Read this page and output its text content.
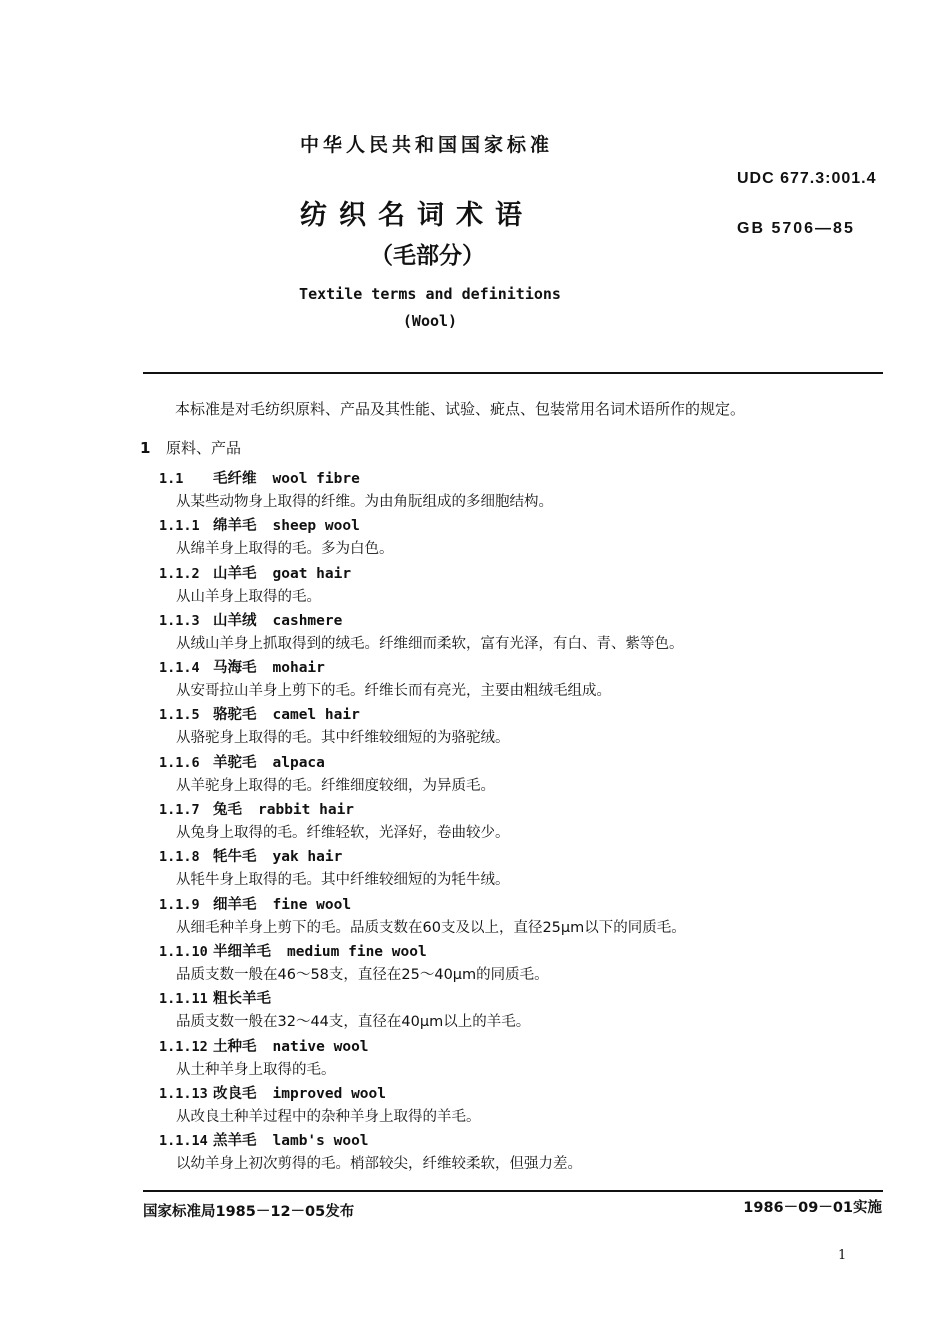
中华人民共和国国家标准
UDC 677.3:001.4
纺织名词术语	GB 5706—85
（毛部分）
Textile terms and definitions
(Wool)
本标准是对毛纺织原料、产品及其性能、试验、疵点、包装常用名词术语所作的规定。
1 原料、产品
1.1 毛纤维 wool fibre
从某些动物身上取得的纤维。为由角朊组成的多细胞结构。
1.1.1 绵羊毛 sheep wool
从绵羊身上取得的毛。多为白色。
1.1.2 山羊毛 goat hair
从山羊身上取得的毛。
1.1.3 山羊绒 cashmere
从绒山羊身上抓取得到的绒毛。纤维细而柔软，富有光泽，有白、青、紫等色。
1.1.4 马海毛 mohair
从安哥拉山羊身上剪下的毛。纤维长而有亮光，主要由粗绒毛组成。
1.1.5 骆驼毛 camel hair
从骆驼身上取得的毛。其中纤维较细短的为骆驼绒。
1.1.6 羊驼毛 alpaca
从羊驼身上取得的毛。纤维细度较细，为异质毛。
1.1.7 兔毛 rabbit hair
从兔身上取得的毛。纤维轻软，光泽好，卷曲较少。
1.1.8 牦牛毛 yak hair
从牦牛身上取得的毛。其中纤维较细短的为牦牛绒。
1.1.9 细羊毛 fine wool
从细毛种羊身上剪下的毛。品质支数在60支及以上，直径25μm以下的同质毛。
1.1.10 半细羊毛 medium fine wool
品质支数一般在46～58支，直径在25～40μm的同质毛。
1.1.11 粗长羊毛
品质支数一般在32～44支，直径在40μm以上的羊毛。
1.1.12 土种毛 native wool
从土种羊身上取得的毛。
1.1.13 改良毛 improved wool
从改良土种羊过程中的杂种羊身上取得的羊毛。
1.1.14 羔羊毛 lamb's wool
以幼羊身上初次剪得的毛。梢部较尖，纤维较柔软，但强力差。
国家标准局1985－12－05发布	1986－09－01实施
1
